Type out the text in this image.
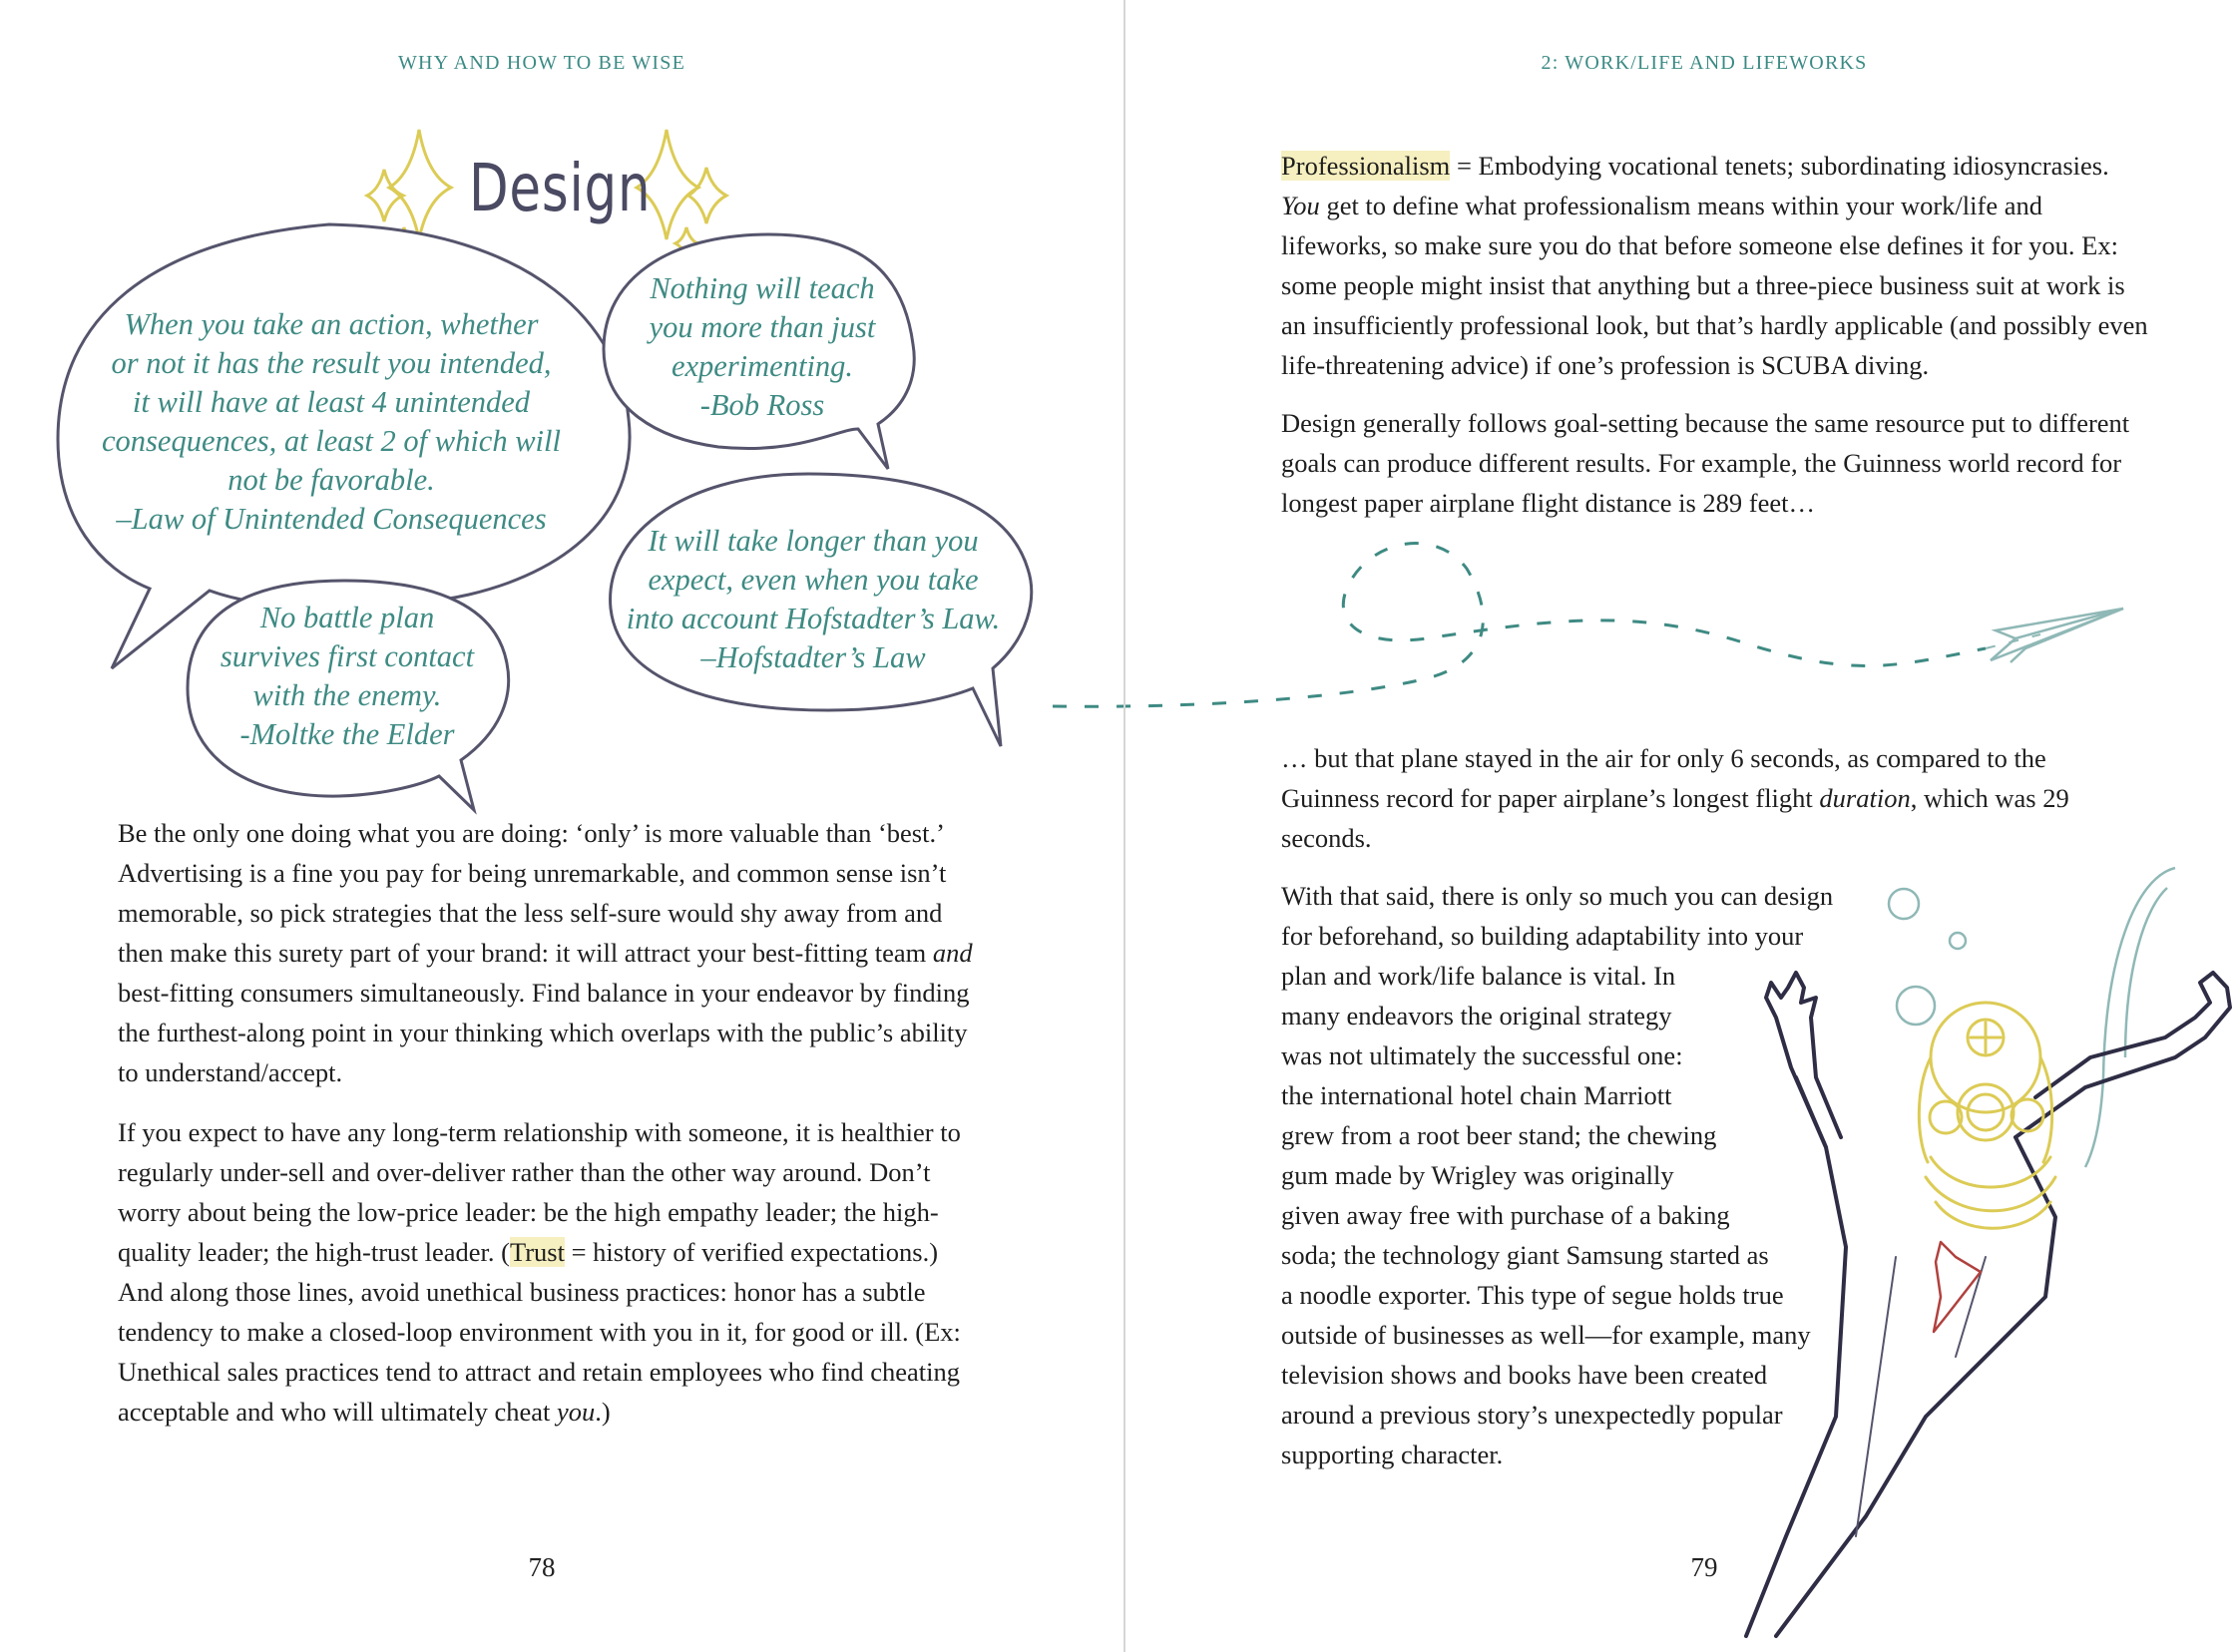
WHY AND HOW TO BE WISE
Design
When you take an action, whether
or not it has the result you intended,
it will have at least 4 unintended
consequences, at least 2 of which will
not be favorable.
–Law of Unintended Consequences
Nothing will teach
you more than just
experimenting.
-Bob Ross
It will take longer than you
expect, even when you take
into account Hofstadter’s Law.
–Hofstadter’s Law
No battle plan
survives first contact
with the enemy.
-Moltke the Elder

Be the only one doing what you are doing: ‘only’ is more valuable than ‘best.’ Advertising is a fine you pay for being unremarkable, and common sense isn’t memorable, so pick strategies that the less self-sure would shy away from and then make this surety part of your brand: it will attract your best-fitting team and best-fitting consumers simultaneously. Find balance in your endeavor by finding the furthest-along point in your thinking which overlaps with the public’s ability to understand/accept.

If you expect to have any long-term relationship with someone, it is healthier to regularly under-sell and over-deliver rather than the other way around. Don’t worry about being the low-price leader: be the high empathy leader; the high-quality leader; the high-trust leader. (Trust = history of verified expectations.) And along those lines, avoid unethical business practices: honor has a subtle tendency to make a closed-loop environment with you in it, for good or ill. (Ex: Unethical sales practices tend to attract and retain employees who find cheating acceptable and who will ultimately cheat you.)

78
2: WORK/LIFE AND LIFEWORKS

Professionalism = Embodying vocational tenets; subordinating idiosyncrasies. You get to define what professionalism means within your work/life and lifeworks, so make sure you do that before someone else defines it for you. Ex: some people might insist that anything but a three-piece business suit at work is an insufficiently professional look, but that’s hardly applicable (and possibly even life-threatening advice) if one’s profession is SCUBA diving.

Design generally follows goal-setting because the same resource put to different goals can produce different results. For example, the Guinness world record for longest paper airplane flight distance is 289 feet…

… but that plane stayed in the air for only 6 seconds, as compared to the Guinness record for paper airplane’s longest flight duration, which was 29 seconds.

With that said, there is only so much you can design
for beforehand, so building adaptability into your
plan and work/life balance is vital. In
many endeavors the original strategy
was not ultimately the successful one:
the international hotel chain Marriott
grew from a root beer stand; the chewing
gum made by Wrigley was originally
given away free with purchase of a baking
soda; the technology giant Samsung started as
a noodle exporter. This type of segue holds true
outside of businesses as well—for example, many
television shows and books have been created
around a previous story’s unexpectedly popular
supporting character.

79
